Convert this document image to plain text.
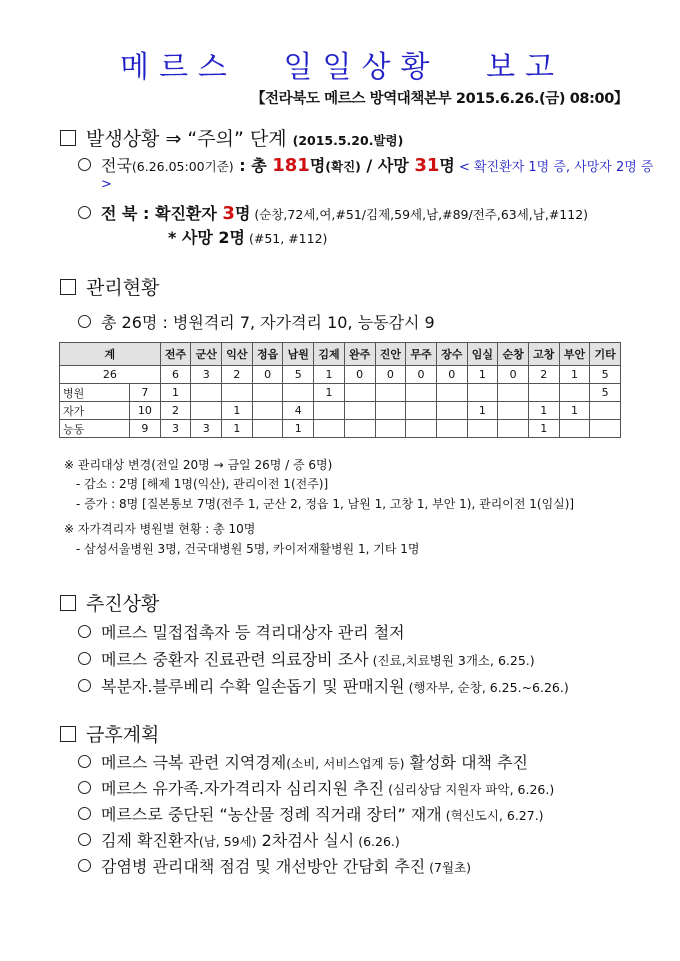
메 르 스 일 일 상 황 보 고
【전라북도 메르스 방역대책본부 2015.6.26.(금) 08:00】
발생상황 ⇒ “주의” 단계 (2015.5.20.발령)
전국(6.26.05:00기준) : 총 181명(확진) / 사망 31명 < 확진환자 1명 증, 사망자 2명 증
>
전 북 : 확진환자 3명 (순창,72세,여,#51/김제,59세,남,#89/전주,63세,남,#112)
* 사망 2명 (#51, #112)
관리현황
총 26명 : 병원격리 7, 자가격리 10, 능동감시 9
계		전주	군산	익산	정읍	남원	김제	완주	진안	무주	장수	임실	순창	고창	부안	기타
26		6	3	2	0	5	1	0	0	0	0	1	0	2	1	5
병원	7	1					1									5
자가	10	2		1		4						1		1	1	
능동	9	3	3	1		1								1		
※ 관리대상 변경(전일 20명 → 금일 26명 / 증 6명)
- 감소 : 2명 [해제 1명(익산), 관리이전 1(전주)]
- 증가 : 8명 [질본통보 7명(전주 1, 군산 2, 정읍 1, 남원 1, 고창 1, 부안 1), 관리이전 1(임실)]
※ 자가격리자 병원별 현황 : 총 10명
- 삼성서울병원 3명, 건국대병원 5명, 카이저재활병원 1, 기타 1명
추진상황
메르스 밀접접촉자 등 격리대상자 관리 철저
메르스 중환자 진료관련 의료장비 조사 (진료,치료병원 3개소, 6.25.)
복분자.블루베리 수확 일손돕기 및 판매지원 (행자부, 순창, 6.25.~6.26.)
금후계획
메르스 극복 관련 지역경제(소비, 서비스업계 등) 활성화 대책 추진
메르스 유가족.자가격리자 심리지원 추진 (심리상담 지원자 파악, 6.26.)
메르스로 중단된 “농산물 정례 직거래 장터” 재개 (혁신도시, 6.27.)
김제 확진환자(남, 59세) 2차검사 실시 (6.26.)
감염병 관리대책 점검 및 개선방안 간담회 추진 (7월초)
